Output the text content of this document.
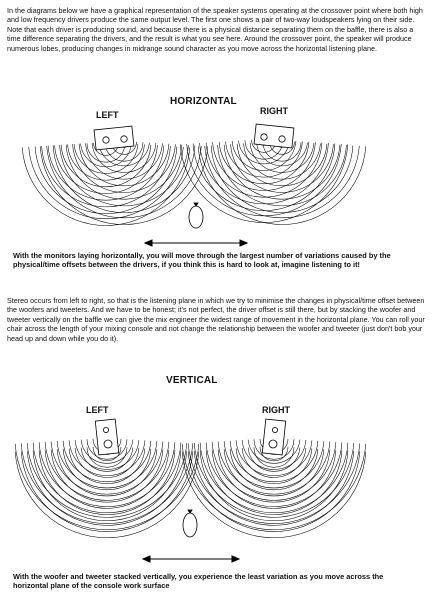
In the diagrams below we have a graphical representation of the speaker systems operating at the crossover point where both high and low frequency drivers produce the same output level. The first one shows a pair of two-way loudspeakers lying on their side. Note that each driver is producing sound, and because there is a physical distance separating them on the baffle, there is also a time difference separating the drivers, and the result is what you see here. Around the crossover point, the speaker will produce numerous lobes, producing changes in midrange sound character as you move across the horizontal listening plane.

HORIZONTAL
LEFT	RIGHT

With the monitors laying horizontally, you will move through the largest number of variations caused by the physical/time offsets between the drivers, if you think this is hard to look at, imagine listening to it!

Stereo occurs from left to right, so that is the listening plane in which we try to minimise the changes in physical/time offset between the woofers and tweeters. And we have to be honest; it's not perfect, the driver offset is still there, but by stacking the woofer and tweeter vertically on the baffle we can give the mix engineer the widest range of movement in the horizontal plane. You can roll your chair across the length of your mixing console and not change the relationship between the woofer and tweeter (just don't bob your head up and down while you do it).

VERTICAL
LEFT	RIGHT

With the woofer and tweeter stacked vertically, you experience the least variation as you move across the horizontal plane of the console work surface
